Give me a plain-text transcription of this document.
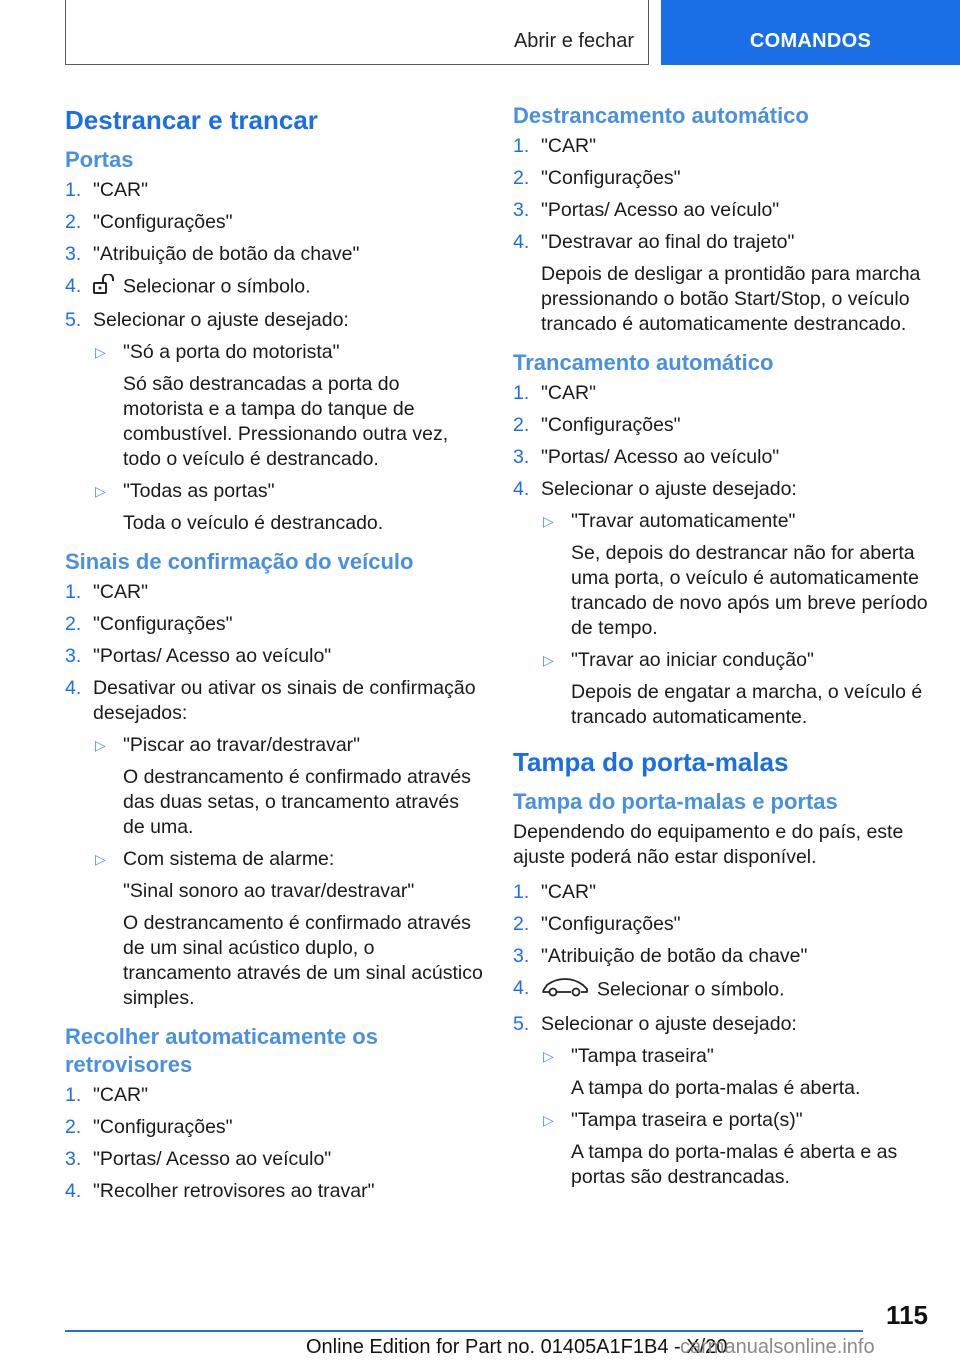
Abrir e fechar	COMANDOS
Destrancar e trancar
Portas
1. "CAR"
2. "Configurações"
3. "Atribuição de botão da chave"
4. Selecionar o símbolo.
5. Selecionar o ajuste desejado:
▷ "Só a porta do motorista"
Só são destrancadas a porta do motorista e a tampa do tanque de combustível. Pressionando outra vez, todo o veículo é destrancado.
▷ "Todas as portas"
Toda o veículo é destrancado.
Sinais de confirmação do veículo
1. "CAR"
2. "Configurações"
3. "Portas/ Acesso ao veículo"
4. Desativar ou ativar os sinais de confirmação desejados:
▷ "Piscar ao travar/destravar"
O destrancamento é confirmado através das duas setas, o trancamento através de uma.
▷ Com sistema de alarme:
"Sinal sonoro ao travar/destravar"
O destrancamento é confirmado através de um sinal acústico duplo, o trancamento através de um sinal acústico simples.
Recolher automaticamente os retrovisores
1. "CAR"
2. "Configurações"
3. "Portas/ Acesso ao veículo"
4. "Recolher retrovisores ao travar"
Destrancamento automático
1. "CAR"
2. "Configurações"
3. "Portas/ Acesso ao veículo"
4. "Destravar ao final do trajeto"
Depois de desligar a prontidão para marcha pressionando o botão Start/Stop, o veículo trancado é automaticamente destrancado.
Trancamento automático
1. "CAR"
2. "Configurações"
3. "Portas/ Acesso ao veículo"
4. Selecionar o ajuste desejado:
▷ "Travar automaticamente"
Se, depois do destrancar não for aberta uma porta, o veículo é automaticamente trancado de novo após um breve período de tempo.
▷ "Travar ao iniciar condução"
Depois de engatar a marcha, o veículo é trancado automaticamente.
Tampa do porta-malas
Tampa do porta-malas e portas
Dependendo do equipamento e do país, este ajuste poderá não estar disponível.
1. "CAR"
2. "Configurações"
3. "Atribuição de botão da chave"
4.	Selecionar o símbolo.
5. Selecionar o ajuste desejado:
▷ "Tampa traseira"
A tampa do porta-malas é aberta.
▷ "Tampa traseira e porta(s)"
A tampa do porta-malas é aberta e as portas são destrancadas.
115
Online Edition for Part no. 01405A1F1B4 - X/20
carmanualsonline.info
